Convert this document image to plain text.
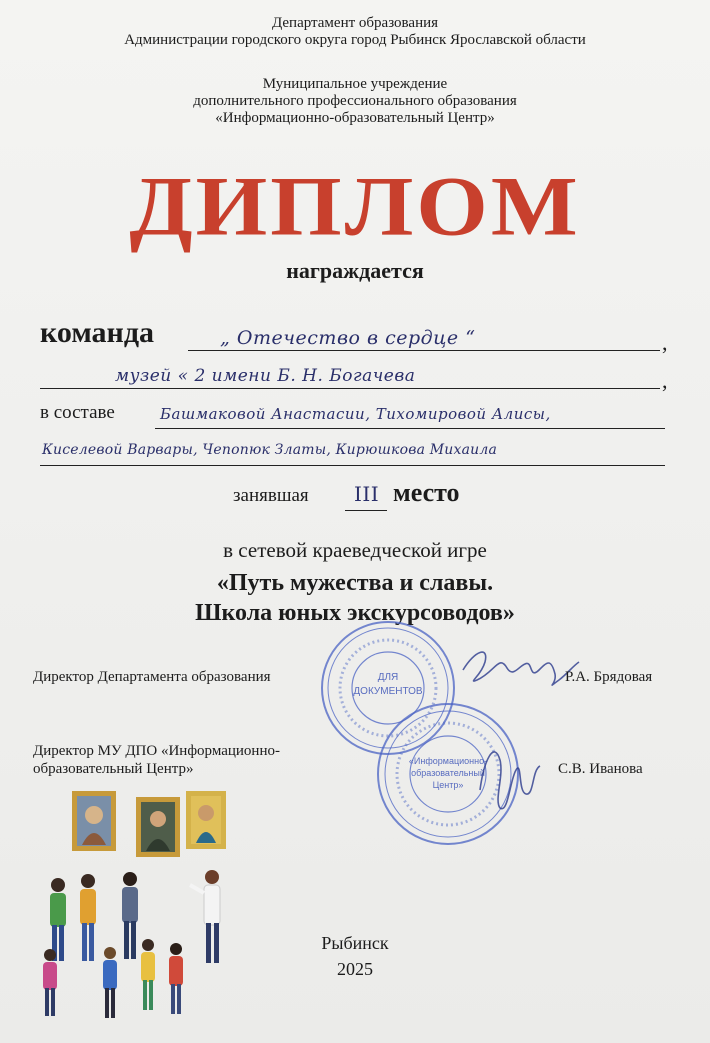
Департамент образования
Администрации городского округа город Рыбинск Ярославской области
Муниципальное учреждение
дополнительного профессионального образования
«Информационно-образовательный Центр»
ДИПЛОМ
награждается
команда	„ Отечество в сердце “	,
музей « 2 имени Б. Н. Богачева	,
в составе	Башмаковой Анастасии, Тихомировой Алисы,
Киселевой Варвары, Чепопюк Златы, Кирюшкова Михаила
занявшая III место
в сетевой краеведческой игре
«Путь мужества и славы.
Школа юных экскурсоводов»
ДЛЯ
ДОКУМЕНТОВ
«Информационно-
образовательный
Центр»
Директор Департамента образования	Р.А. Брядовая
Директор МУ ДПО «Информационно-
образовательный Центр»	С.В. Иванова
Рыбинск
2025
